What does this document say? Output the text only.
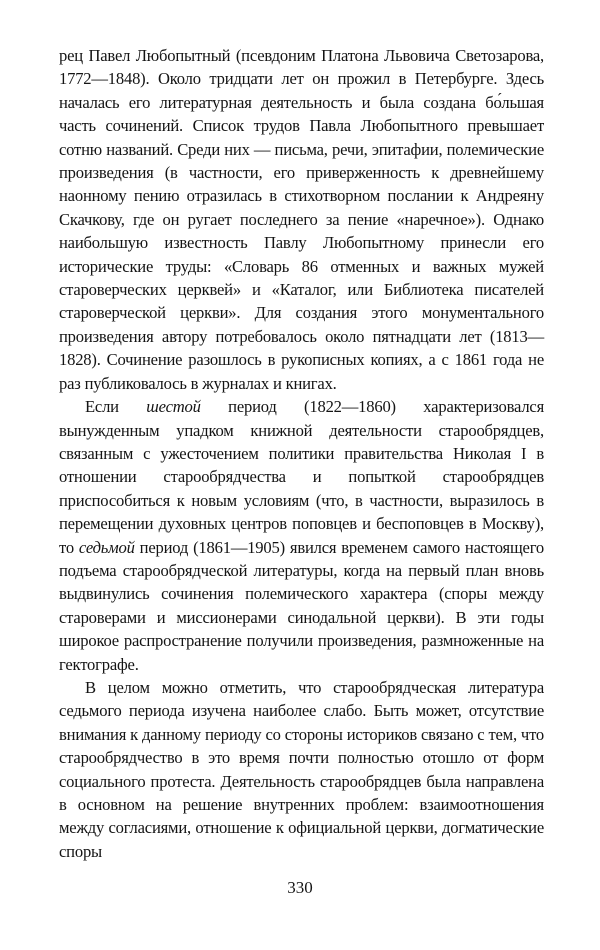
рец Павел Любопытный (псевдоним Платона Львовича Светозарова, 1772—1848). Около тридцати лет он прожил в Петербурге. Здесь началась его литературная деятельность и была создана бо́льшая часть сочинений. Список трудов Павла Любопытного превышает сотню названий. Среди них — письма, речи, эпитафии, полемические произведения (в частности, его приверженность к древнейшему наонному пению отразилась в стихотворном послании к Андреяну Скачкову, где он ругает последнего за пение «наречное»). Однако наибольшую известность Павлу Любопытному принесли его исторические труды: «Словарь 86 отменных и важных мужей староверческих церквей» и «Каталог, или Библиотека писателей староверческой церкви». Для создания этого монументального произведения автору потребовалось около пятнадцати лет (1813—1828). Сочинение разошлось в рукописных копиях, а с 1861 года не раз публиковалось в журналах и книгах.

Если шестой период (1822—1860) характеризовался вынужденным упадком книжной деятельности старообрядцев, связанным с ужесточением политики правительства Николая I в отношении старообрядчества и попыткой старообрядцев приспособиться к новым условиям (что, в частности, выразилось в перемещении духовных центров поповцев и беспоповцев в Москву), то седьмой период (1861—1905) явился временем самого настоящего подъема старообрядческой литературы, когда на первый план вновь выдвинулись сочинения полемического характера (споры между староверами и миссионерами синодальной церкви). В эти годы широкое распространение получили произведения, размноженные на гектографе.

В целом можно отметить, что старообрядческая литература седьмого периода изучена наиболее слабо. Быть может, отсутствие внимания к данному периоду со стороны историков связано с тем, что старообрядчество в это время почти полностью отошло от форм социального протеста. Деятельность старообрядцев была направлена в основном на решение внутренних проблем: взаимоотношения между согласиями, отношение к официальной церкви, догматические споры

330
